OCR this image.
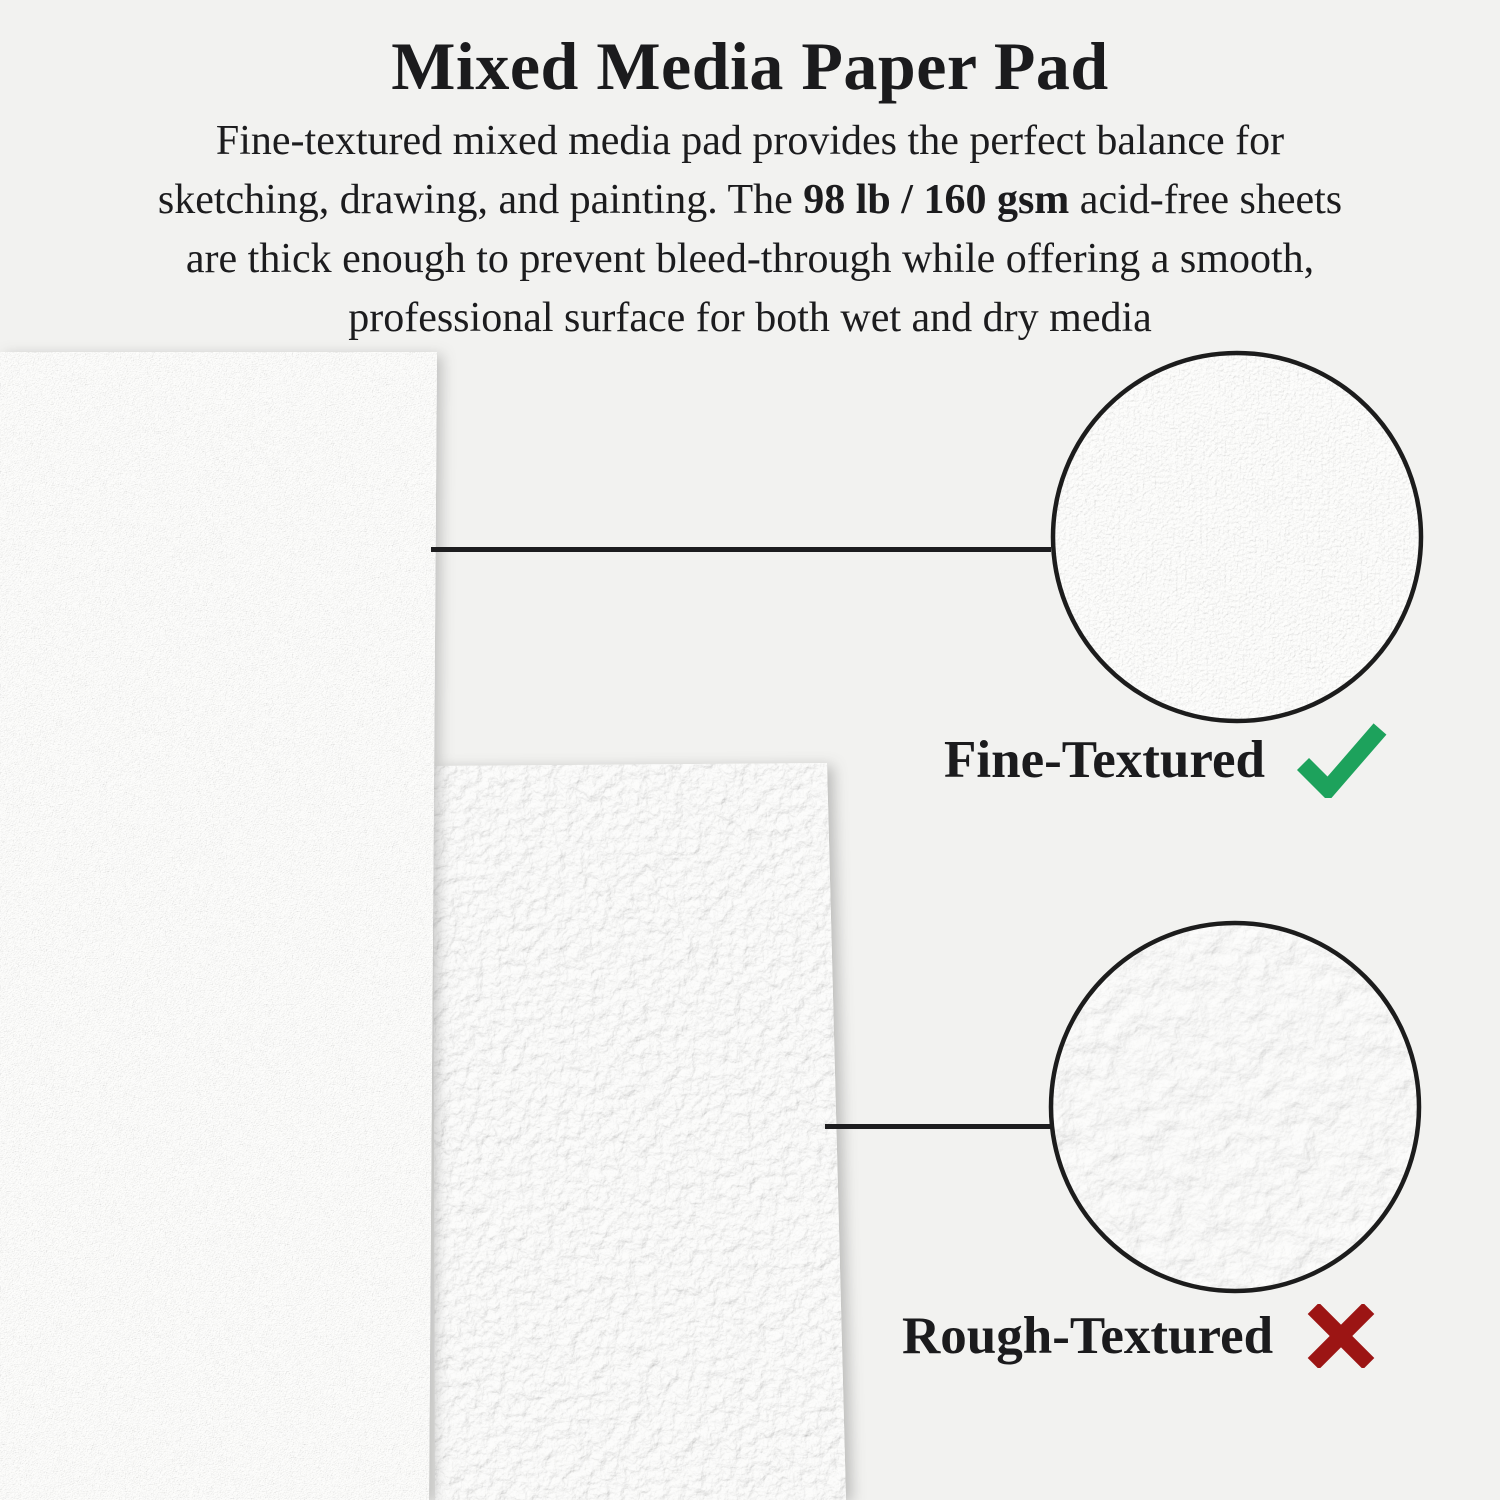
Mixed Media Paper Pad
Fine-textured mixed media pad provides the perfect balance for
sketching, drawing, and painting. The 98 lb / 160 gsm acid-free sheets
are thick enough to prevent bleed-through while offering a smooth,
professional surface for both wet and dry media
Fine-Textured
Rough-Textured
